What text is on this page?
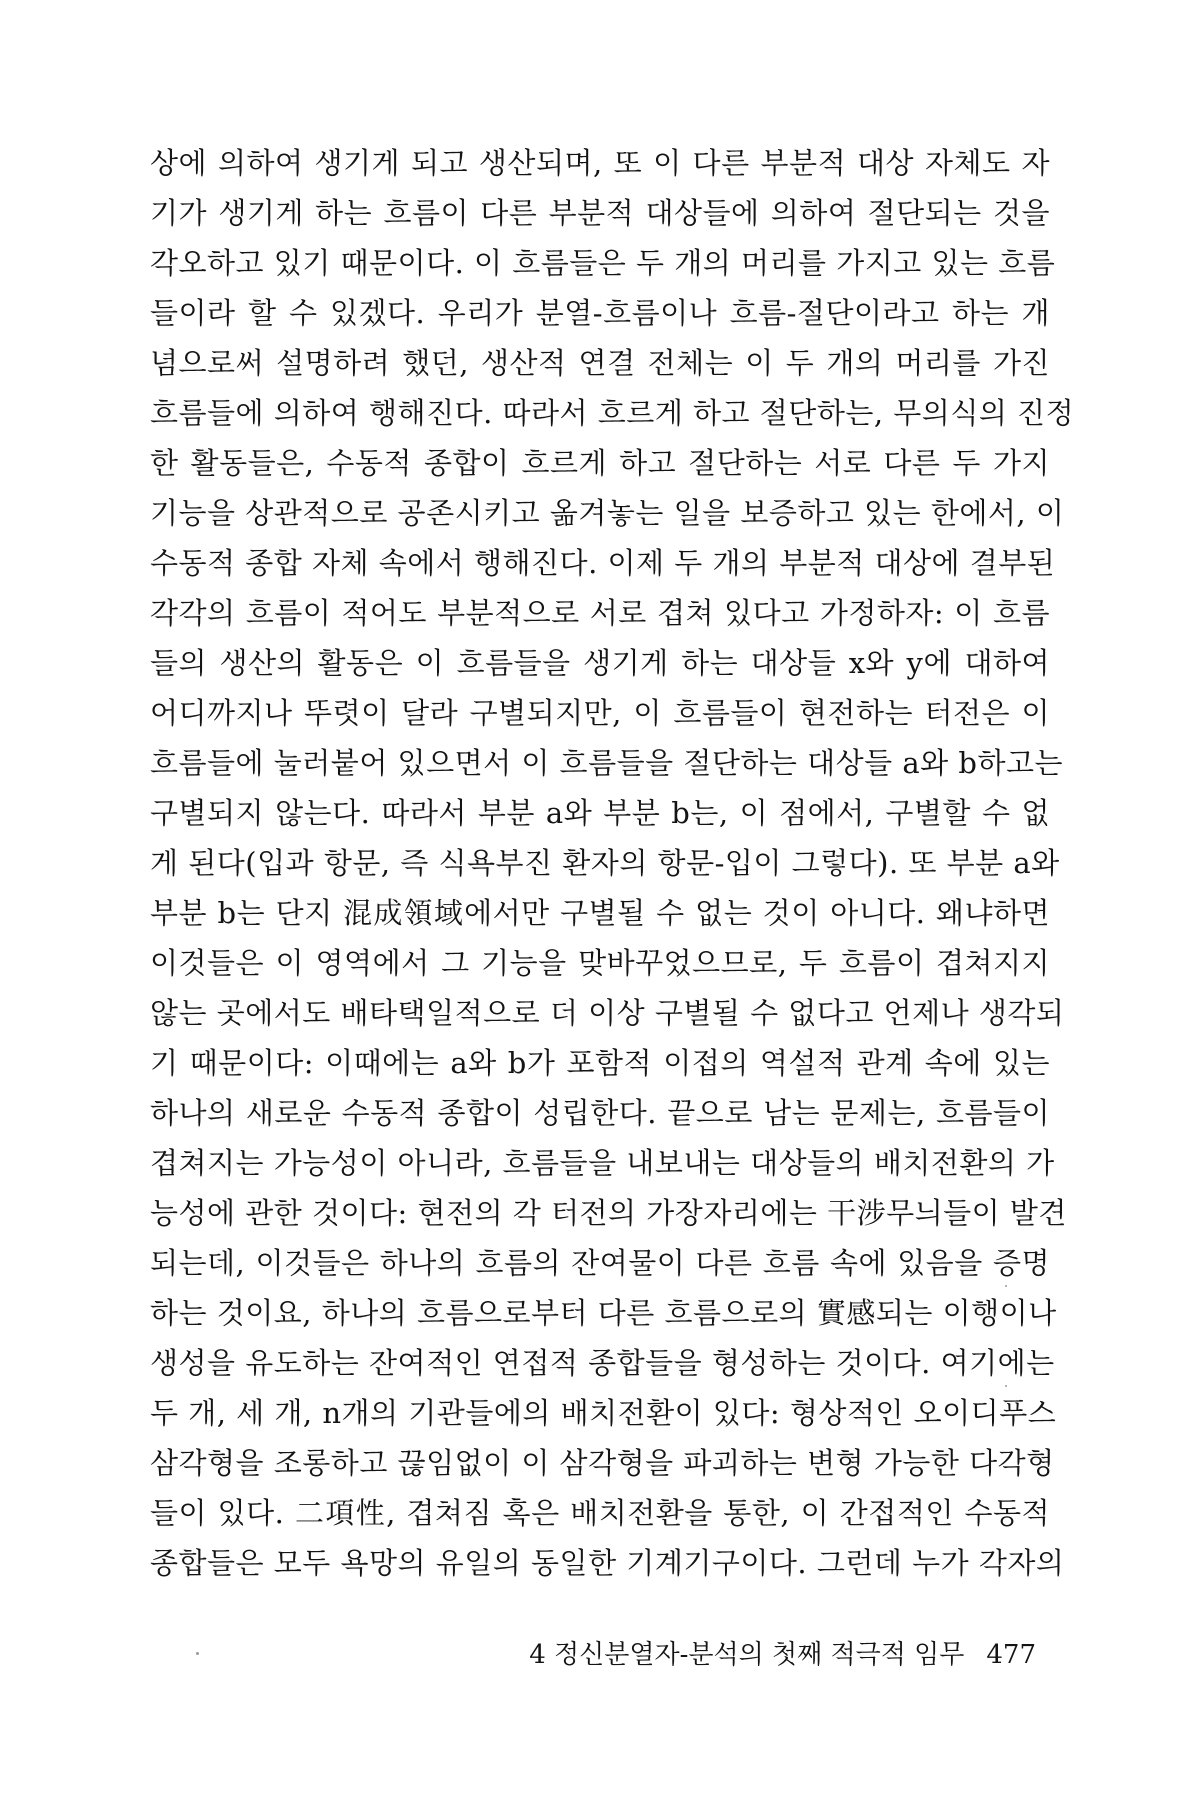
상에 의하여 생기게 되고 생산되며, 또 이 다른 부분적 대상 자체도 자
기가 생기게 하는 흐름이 다른 부분적 대상들에 의하여 절단되는 것을
각오하고 있기 때문이다. 이 흐름들은 두 개의 머리를 가지고 있는 흐름
들이라 할 수 있겠다. 우리가 분열-흐름이나 흐름-절단이라고 하는 개
념으로써 설명하려 했던, 생산적 연결 전체는 이 두 개의 머리를 가진
흐름들에 의하여 행해진다. 따라서 흐르게 하고 절단하는, 무의식의 진정
한 활동들은, 수동적 종합이 흐르게 하고 절단하는 서로 다른 두 가지
기능을 상관적으로 공존시키고 옮겨놓는 일을 보증하고 있는 한에서, 이
수동적 종합 자체 속에서 행해진다. 이제 두 개의 부분적 대상에 결부된
각각의 흐름이 적어도 부분적으로 서로 겹쳐 있다고 가정하자: 이 흐름
들의 생산의 활동은 이 흐름들을 생기게 하는 대상들 x와 y에 대하여
어디까지나 뚜렷이 달라 구별되지만, 이 흐름들이 현전하는 터전은 이
흐름들에 눌러붙어 있으면서 이 흐름들을 절단하는 대상들 a와 b하고는
구별되지 않는다. 따라서 부분 a와 부분 b는, 이 점에서, 구별할 수 없
게 된다(입과 항문, 즉 식욕부진 환자의 항문-입이 그렇다). 또 부분 a와
부분 b는 단지 混成領域에서만 구별될 수 없는 것이 아니다. 왜냐하면
이것들은 이 영역에서 그 기능을 맞바꾸었으므로, 두 흐름이 겹쳐지지
않는 곳에서도 배타택일적으로 더 이상 구별될 수 없다고 언제나 생각되
기 때문이다: 이때에는 a와 b가 포함적 이접의 역설적 관계 속에 있는
하나의 새로운 수동적 종합이 성립한다. 끝으로 남는 문제는, 흐름들이
겹쳐지는 가능성이 아니라, 흐름들을 내보내는 대상들의 배치전환의 가
능성에 관한 것이다: 현전의 각 터전의 가장자리에는 干涉무늬들이 발견
되는데, 이것들은 하나의 흐름의 잔여물이 다른 흐름 속에 있음을 증명
하는 것이요, 하나의 흐름으로부터 다른 흐름으로의 實感되는 이행이나
생성을 유도하는 잔여적인 연접적 종합들을 형성하는 것이다. 여기에는
두 개, 세 개, n개의 기관들에의 배치전환이 있다: 형상적인 오이디푸스
삼각형을 조롱하고 끊임없이 이 삼각형을 파괴하는 변형 가능한 다각형
들이 있다. 二項性, 겹쳐짐 혹은 배치전환을 통한, 이 간접적인 수동적
종합들은 모두 욕망의 유일의 동일한 기계기구이다. 그런데 누가 각자의
4 정신분열자-분석의 첫째 적극적 임무 477
